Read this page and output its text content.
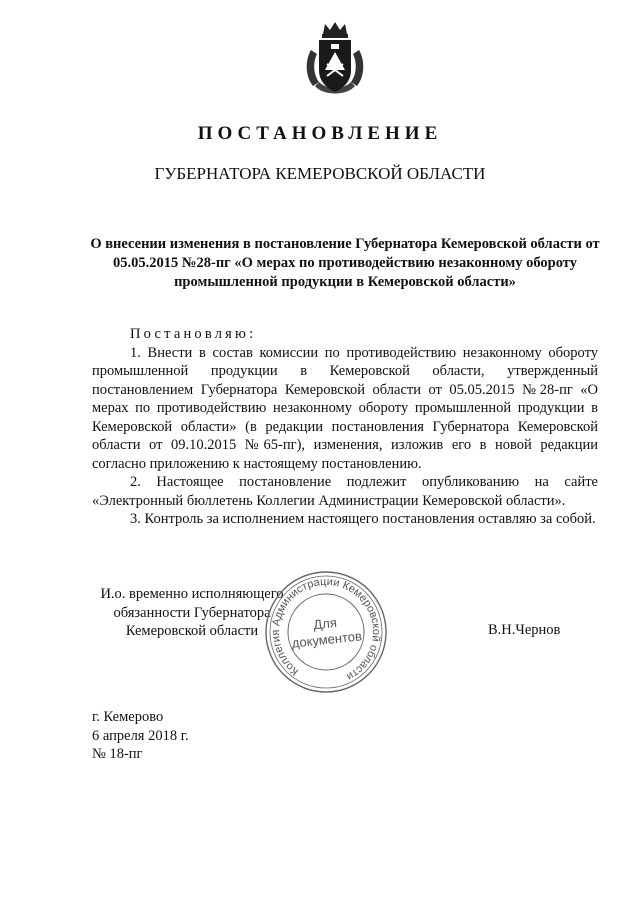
ПОСТАНОВЛЕНИЕ
ГУБЕРНАТОРА КЕМЕРОВСКОЙ ОБЛАСТИ
О внесении изменения в постановление Губернатора Кемеровской области от 05.05.2015 №28-пг «О мерах по противодействию незаконному обороту промышленной продукции в Кемеровской области»
Постановляю:

1. Внести в состав комиссии по противодействию незаконному обороту промышленной продукции в Кемеровской области, утвержденный постановлением Губернатора Кемеровской области от 05.05.2015 №28-пг «О мерах по противодействию незаконному обороту промышленной продукции в Кемеровской области» (в редакции постановления Губернатора Кемеровской области от 09.10.2015 №65-пг), изменения, изложив его в новой редакции согласно приложению к настоящему постановлению.

2. Настоящее постановление подлежит опубликованию на сайте «Электронный бюллетень Коллегии Администрации Кемеровской области».

3. Контроль за исполнением настоящего постановления оставляю за собой.

И.о. временно исполняющего
обязанности Губернатора
Кемеровской области
Коллегия Администрации Кемеровской области
Для
документов	В.Н.Чернов
г. Кемерово
6 апреля 2018 г.
№ 18-пг
